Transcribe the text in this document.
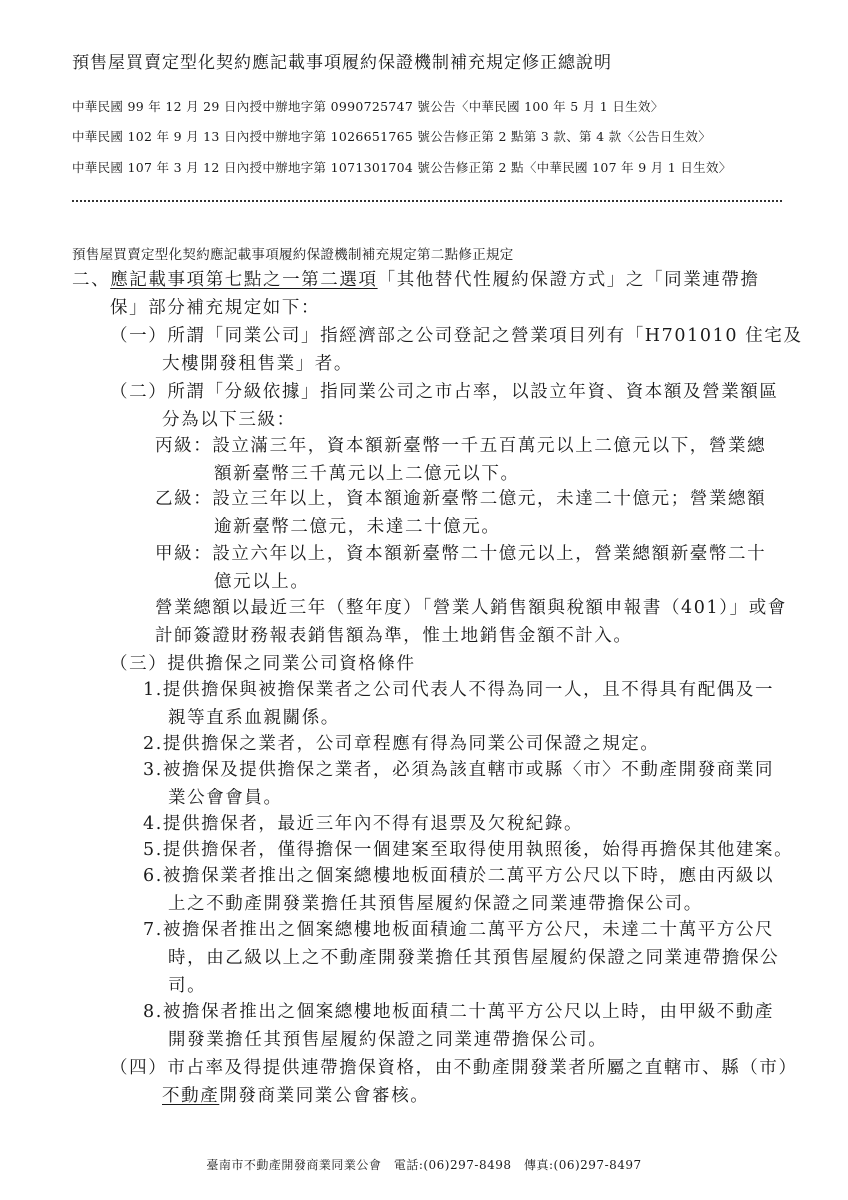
預售屋買賣定型化契約應記載事項履約保證機制補充規定修正總說明
中華民國 99 年 12 月 29 日內授中辦地字第 0990725747 號公告〈中華民國 100 年 5 月 1 日生效〉
中華民國 102 年 9 月 13 日內授中辦地字第 1026651765 號公告修正第 2 點第 3 款、第 4 款〈公告日生效〉
中華民國 107 年 3 月 12 日內授中辦地字第 1071301704 號公告修正第 2 點〈中華民國 107 年 9 月 1 日生效〉
預售屋買賣定型化契約應記載事項履約保證機制補充規定第二點修正規定
二、應記載事項第七點之一第二選項「其他替代性履約保證方式」之「同業連帶擔
保」部分補充規定如下：
（一）所謂「同業公司」指經濟部之公司登記之營業項目列有「H701010 住宅及
大樓開發租售業」者。
（二）所謂「分級依據」指同業公司之市占率，以設立年資、資本額及營業額區
分為以下三級：
丙級：設立滿三年，資本額新臺幣一千五百萬元以上二億元以下，營業總
額新臺幣三千萬元以上二億元以下。
乙級：設立三年以上，資本額逾新臺幣二億元，未達二十億元；營業總額
逾新臺幣二億元，未達二十億元。
甲級：設立六年以上，資本額新臺幣二十億元以上，營業總額新臺幣二十
億元以上。
營業總額以最近三年（整年度）「營業人銷售額與稅額申報書（401）」或會
計師簽證財務報表銷售額為準，惟土地銷售金額不計入。
（三）提供擔保之同業公司資格條件
1.提供擔保與被擔保業者之公司代表人不得為同一人，且不得具有配偶及一
親等直系血親關係。
2.提供擔保之業者，公司章程應有得為同業公司保證之規定。
3.被擔保及提供擔保之業者，必須為該直轄市或縣〈市〉不動產開發商業同
業公會會員。
4.提供擔保者，最近三年內不得有退票及欠稅紀錄。
5.提供擔保者，僅得擔保一個建案至取得使用執照後，始得再擔保其他建案。
6.被擔保業者推出之個案總樓地板面積於二萬平方公尺以下時，應由丙級以
上之不動產開發業擔任其預售屋履約保證之同業連帶擔保公司。
7.被擔保者推出之個案總樓地板面積逾二萬平方公尺，未達二十萬平方公尺
時，由乙級以上之不動產開發業擔任其預售屋履約保證之同業連帶擔保公
司。
8.被擔保者推出之個案總樓地板面積二十萬平方公尺以上時，由甲級不動產
開發業擔任其預售屋履約保證之同業連帶擔保公司。
（四）市占率及得提供連帶擔保資格，由不動產開發業者所屬之直轄市、縣（市）
不動產開發商業同業公會審核。
臺南市不動產開發商業同業公會　電話:(06)297-8498　傳真:(06)297-8497
